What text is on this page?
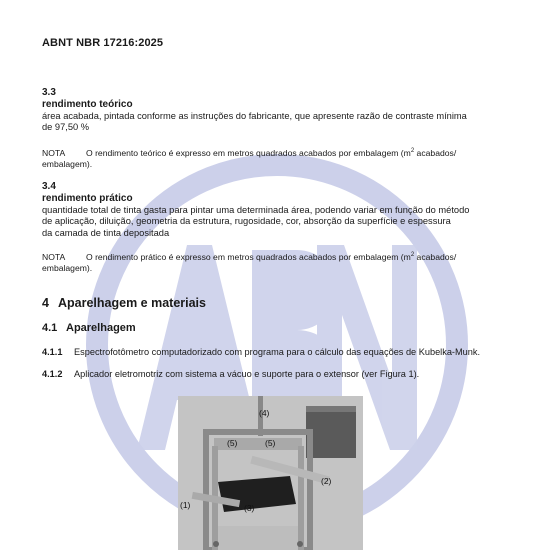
ABNT NBR 17216:2025
3.3
rendimento teórico
área acabada, pintada conforme as instruções do fabricante, que apresente razão de contraste mínima
de 97,50 %
NOTA O rendimento teórico é expresso em metros quadrados acabados por embalagem ($m^2$ acabados/
embalagem).
3.4
rendimento prático
quantidade total de tinta gasta para pintar uma determinada área, podendo variar em função do método
de aplicação, diluição, geometria da estrutura, rugosidade, cor, absorção da superfície e espessura
da camada de tinta depositada
NOTA O rendimento prático é expresso em metros quadrados acabados por embalagem ($m^2$ acabados/
embalagem).
4 Aparelhagem e materiais
4.1 Aparelhagem
4.1.1 Espectrofotômetro computadorizado com programa para o cálculo das equações de Kubelka-Munk.
4.1.2 Aplicador eletromotriz com sistema a vácuo e suporte para o extensor (ver Figura 1).
(4)
(5)	(5)
(2)
(1)	(3)
